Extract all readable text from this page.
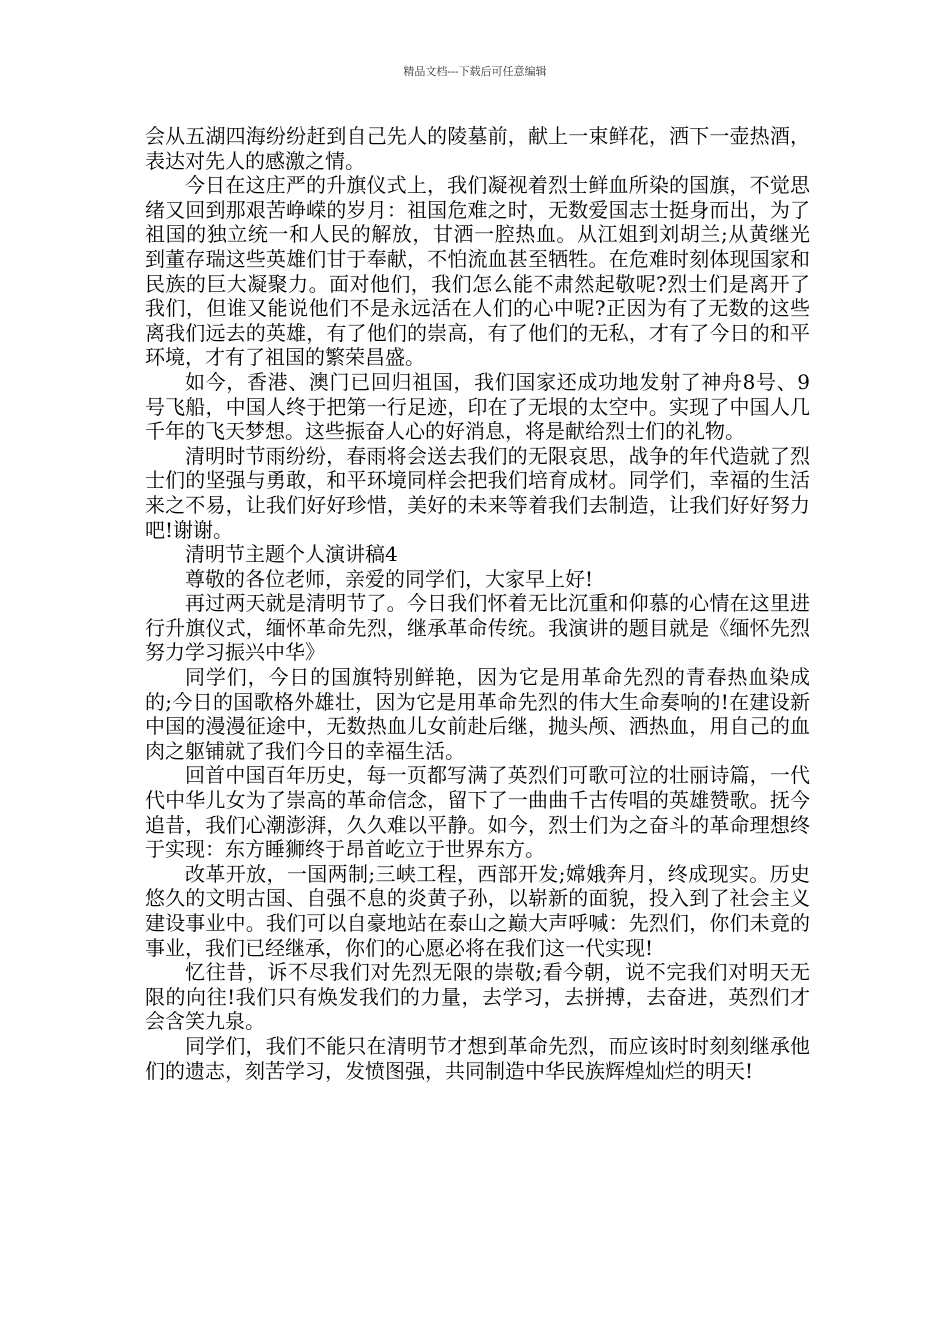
精品文档---下载后可任意编辑

会从五湖四海纷纷赶到自己先人的陵墓前，献上一束鲜花，洒下一壶热酒，表达对先人的感激之情。

今日在这庄严的升旗仪式上，我们凝视着烈士鲜血所染的国旗，不觉思绪又回到那艰苦峥嵘的岁月：祖国危难之时，无数爱国志士挺身而出，为了祖国的独立统一和人民的解放，甘洒一腔热血。从江姐到刘胡兰;从黄继光到董存瑞这些英雄们甘于奉献，不怕流血甚至牺牲。在危难时刻体现国家和民族的巨大凝聚力。面对他们，我们怎么能不肃然起敬呢?烈士们是离开了我们，但谁又能说他们不是永远活在人们的心中呢?正因为有了无数的这些离我们远去的英雄，有了他们的崇高，有了他们的无私，才有了今日的和平环境，才有了祖国的繁荣昌盛。

如今，香港、澳门已回归祖国，我们国家还成功地发射了神舟8号、9号飞船，中国人终于把第一行足迹，印在了无垠的太空中。实现了中国人几千年的飞天梦想。这些振奋人心的好消息，将是献给烈士们的礼物。

清明时节雨纷纷，春雨将会送去我们的无限哀思，战争的年代造就了烈士们的坚强与勇敢，和平环境同样会把我们培育成材。同学们，幸福的生活来之不易，让我们好好珍惜，美好的未来等着我们去制造，让我们好好努力吧!谢谢。

清明节主题个人演讲稿4

尊敬的各位老师，亲爱的同学们，大家早上好!

再过两天就是清明节了。今日我们怀着无比沉重和仰慕的心情在这里进行升旗仪式，缅怀革命先烈，继承革命传统。我演讲的题目就是《缅怀先烈努力学习振兴中华》

同学们，今日的国旗特别鲜艳，因为它是用革命先烈的青春热血染成的;今日的国歌格外雄壮，因为它是用革命先烈的伟大生命奏响的!在建设新中国的漫漫征途中，无数热血儿女前赴后继，抛头颅、洒热血，用自己的血肉之躯铺就了我们今日的幸福生活。

回首中国百年历史，每一页都写满了英烈们可歌可泣的壮丽诗篇，一代代中华儿女为了崇高的革命信念，留下了一曲曲千古传唱的英雄赞歌。抚今追昔，我们心潮澎湃，久久难以平静。如今，烈士们为之奋斗的革命理想终于实现：东方睡狮终于昂首屹立于世界东方。

改革开放，一国两制;三峡工程，西部开发;嫦娥奔月，终成现实。历史悠久的文明古国、自强不息的炎黄子孙，以崭新的面貌，投入到了社会主义建设事业中。我们可以自豪地站在泰山之巅大声呼喊：先烈们，你们未竟的事业，我们已经继承，你们的心愿必将在我们这一代实现!

忆往昔，诉不尽我们对先烈无限的崇敬;看今朝，说不完我们对明天无限的向往!我们只有焕发我们的力量，去学习，去拼搏，去奋进，英烈们才会含笑九泉。

同学们，我们不能只在清明节才想到革命先烈，而应该时时刻刻继承他们的遗志，刻苦学习，发愤图强，共同制造中华民族辉煌灿烂的明天!
